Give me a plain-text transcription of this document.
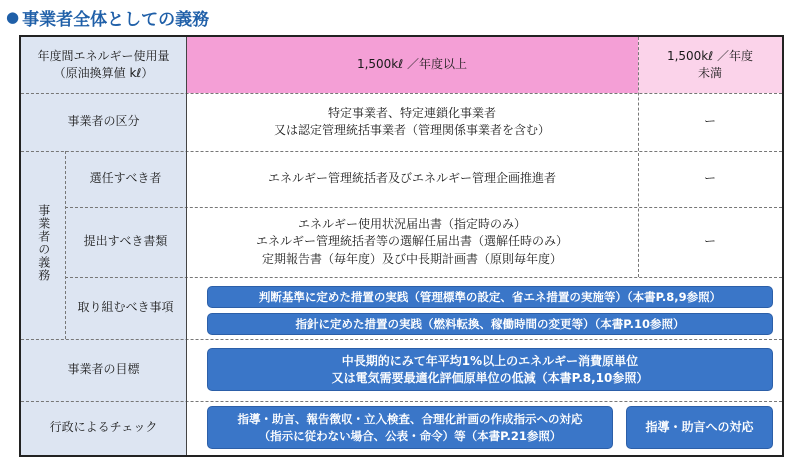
● 事業者全体としての義務
年度間エネルギー使用量
（原油換算値 kℓ）
1,500kℓ ／年度以上
1,500kℓ ／年度
未満
事業者の区分
特定事業者、特定連鎖化事業者
又は認定管理統括事業者（管理関係事業者を含む）
ー
事業者の義務
選任すべき者	エネルギー管理統括者及びエネルギー管理企画推進者	ー
提出すべき書類
エネルギー使用状況届出書（指定時のみ）
エネルギー管理統括者等の選解任届出書（選解任時のみ）
定期報告書（毎年度）及び中長期計画書（原則毎年度）
ー
取り組むべき事項
判断基準に定めた措置の実践（管理標準の設定、省エネ措置の実施等）（本書P.8,9参照）
指針に定めた措置の実践（燃料転換、稼働時間の変更等）（本書P.10参照）
事業者の目標
中長期的にみて年平均1%以上のエネルギー消費原単位
又は電気需要最適化評価原単位の低減（本書P.8,10参照）
行政によるチェック
指導・助言、報告徴収・立入検査、合理化計画の作成指示への対応
（指示に従わない場合、公表・命令）等（本書P.21参照）
指導・助言への対応
